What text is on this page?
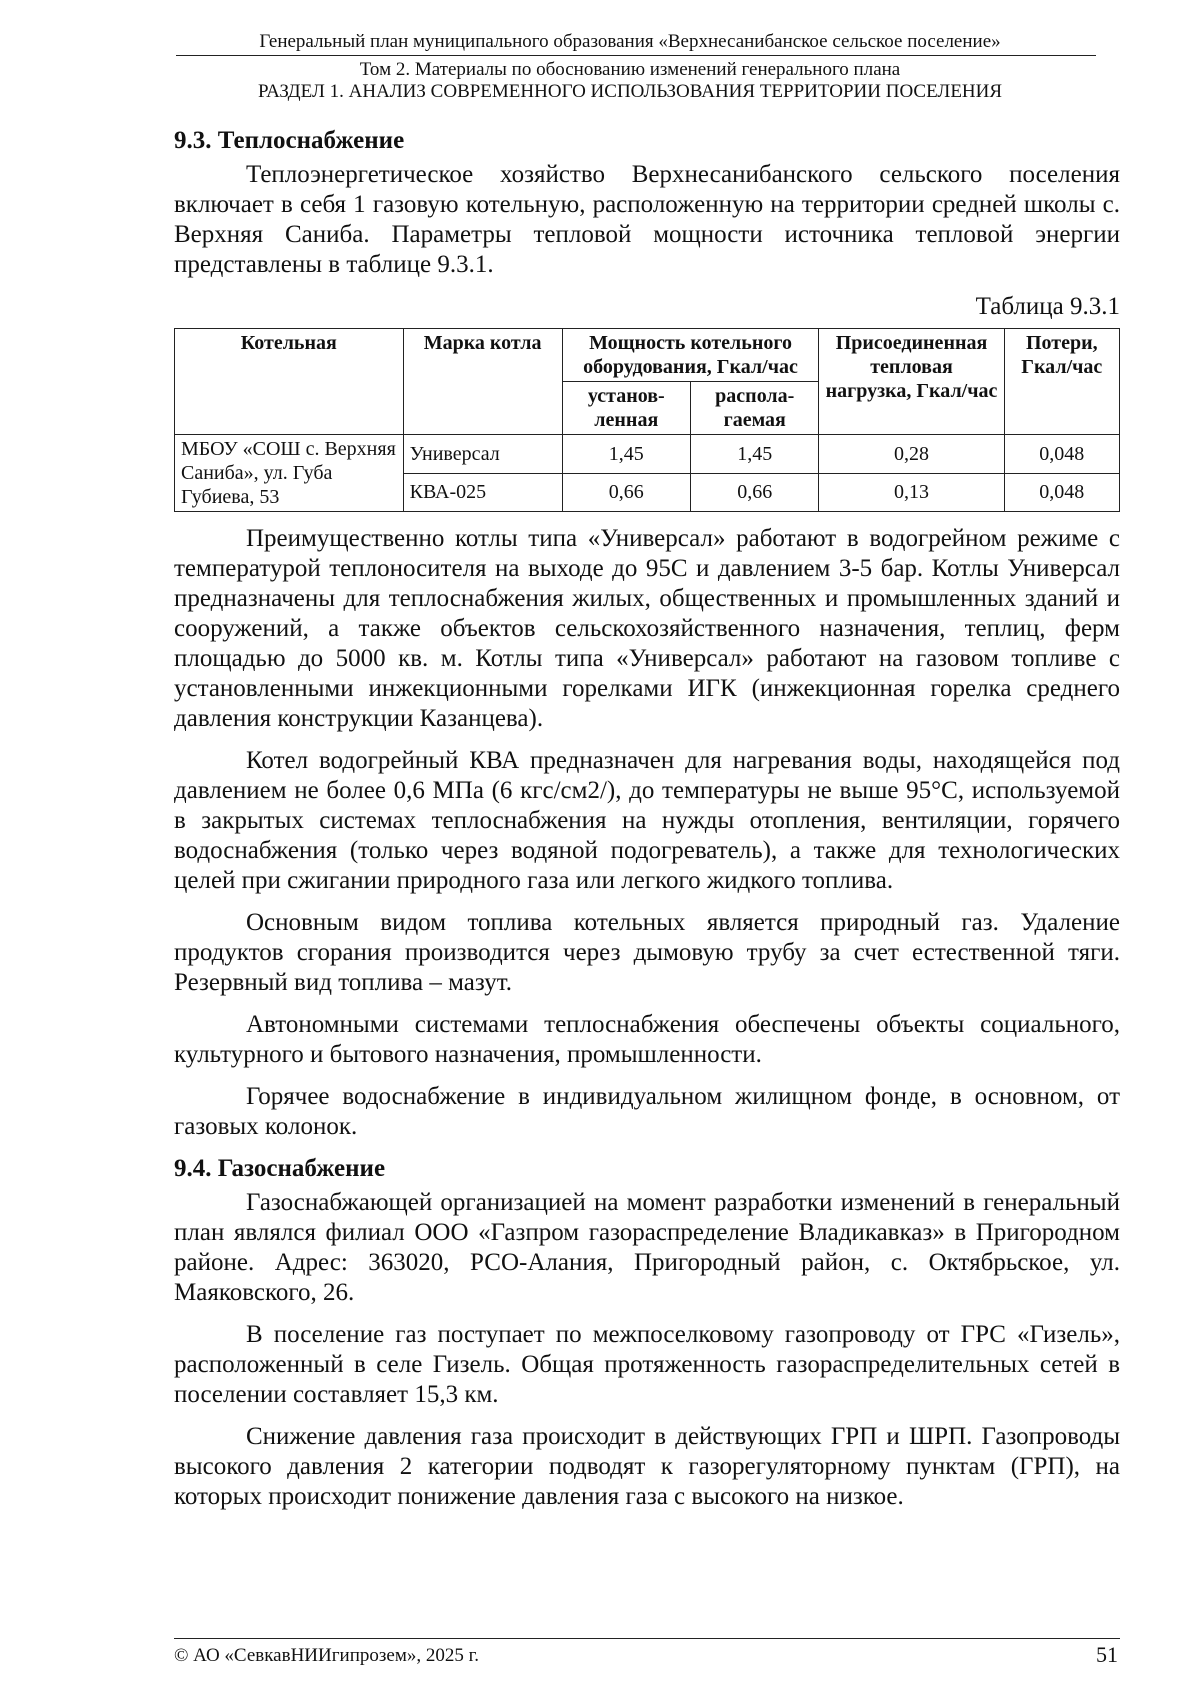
Генеральный план муниципального образования «Верхнесанибанское сельское поселение»
Том 2. Материалы по обоснованию изменений генерального плана
РАЗДЕЛ 1. АНАЛИЗ СОВРЕМЕННОГО ИСПОЛЬЗОВАНИЯ ТЕРРИТОРИИ ПОСЕЛЕНИЯ
9.3. Теплоснабжение

Теплоэнергетическое хозяйство Верхнесанибанского сельского поселения включает в себя 1 газовую котельную, расположенную на территории средней школы с. Верхняя Саниба. Параметры тепловой мощности источника тепловой энергии представлены в таблице 9.3.1.

Таблица 9.3.1
Котельная	Марка котла	Мощность котельного оборудования, Гкал/час		Присоединенная тепловая нагрузка, Гкал/час	Потери, Гкал/час
		установ-ленная	распола-гаемая		
МБОУ «СОШ с. Верхняя Саниба», ул. Губа Губиева, 53	Универсал	1,45	1,45	0,28	0,048
	КВА-025	0,66	0,66	0,13	0,048

Преимущественно котлы типа «Универсал» работают в водогрейном режиме с температурой теплоносителя на выходе до 95С и давлением 3-5 бар. Котлы Универсал предназначены для теплоснабжения жилых, общественных и промышленных зданий и сооружений, а также объектов сельскохозяйственного назначения, теплиц, ферм площадью до 5000 кв. м. Котлы типа «Универсал» работают на газовом топливе с установленными инжекционными горелками ИГК (инжекционная горелка среднего давления конструкции Казанцева).

Котел водогрейный КВА предназначен для нагревания воды, находящейся под давлением не более 0,6 МПа (6 кгс/см2/), до температуры не выше 95°С, используемой в закрытых системах теплоснабжения на нужды отопления, вентиляции, горячего водоснабжения (только через водяной подогреватель), а также для технологических целей при сжигании природного газа или легкого жидкого топлива.

Основным видом топлива котельных является природный газ. Удаление продуктов сгорания производится через дымовую трубу за счет естественной тяги. Резервный вид топлива – мазут.

Автономными системами теплоснабжения обеспечены объекты социального, культурного и бытового назначения, промышленности.

Горячее водоснабжение в индивидуальном жилищном фонде, в основном, от газовых колонок.

9.4. Газоснабжение

Газоснабжающей организацией на момент разработки изменений в генеральный план являлся филиал ООО «Газпром газораспределение Владикавказ» в Пригородном районе. Адрес: 363020, РСО-Алания, Пригородный район, с. Октябрьское, ул. Маяковского, 26.

В поселение газ поступает по межпоселковому газопроводу от ГРС «Гизель», расположенный в селе Гизель. Общая протяженность газораспределительных сетей в поселении составляет 15,3 км.

Снижение давления газа происходит в действующих ГРП и ШРП. Газопроводы высокого давления 2 категории подводят к газорегуляторному пунктам (ГРП), на которых происходит понижение давления газа с высокого на низкое.

© АО «СевкавНИИгипрозем», 2025 г.	51
